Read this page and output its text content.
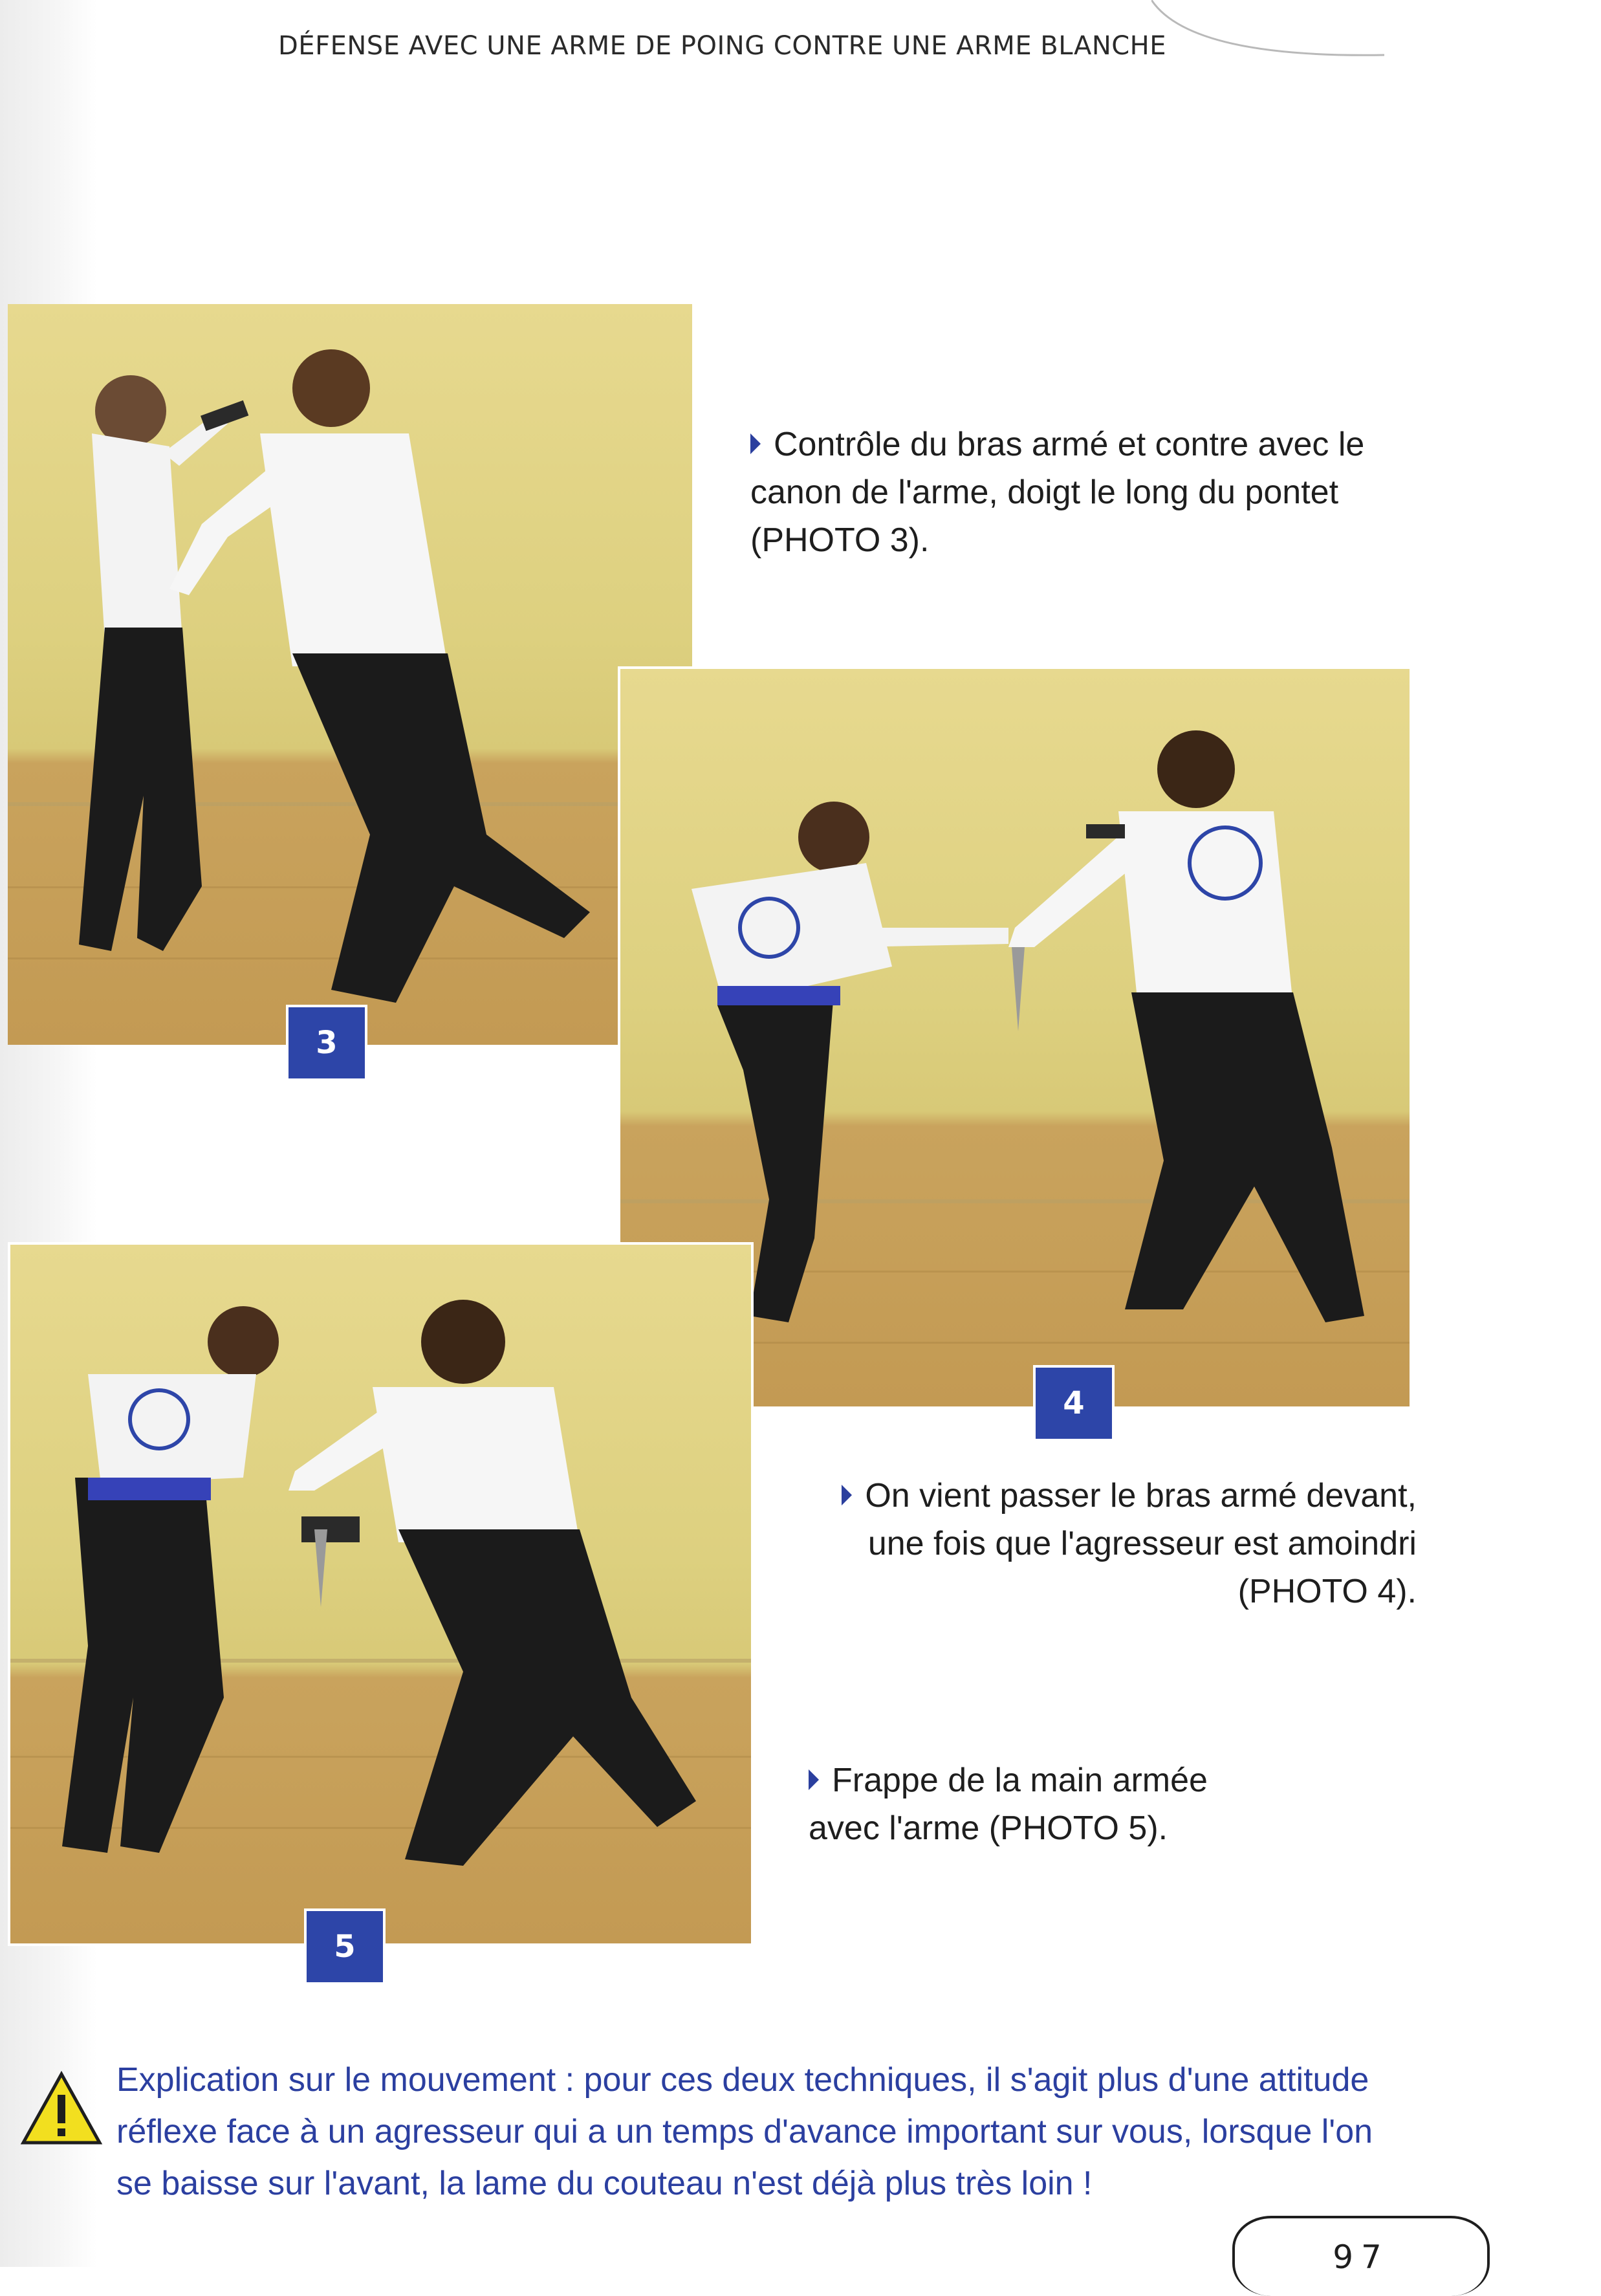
DÉFENSE AVEC UNE ARME DE POING CONTRE UNE ARME BLANCHE
3
Contrôle du bras armé et contre avec le canon de l'arme, doigt le long du pontet (PHOTO 3).
4
On vient passer le bras armé devant, une fois que l'agresseur est amoindri (PHOTO 4).
5
Frappe de la main armée avec l'arme (PHOTO 5).
Explication sur le mouvement : pour ces deux techniques, il s'agit plus d'une attitude réflexe face à un agresseur qui a un temps d'avance important sur vous, lorsque l'on se baisse sur l'avant, la lame du couteau n'est déjà plus très loin !
97
